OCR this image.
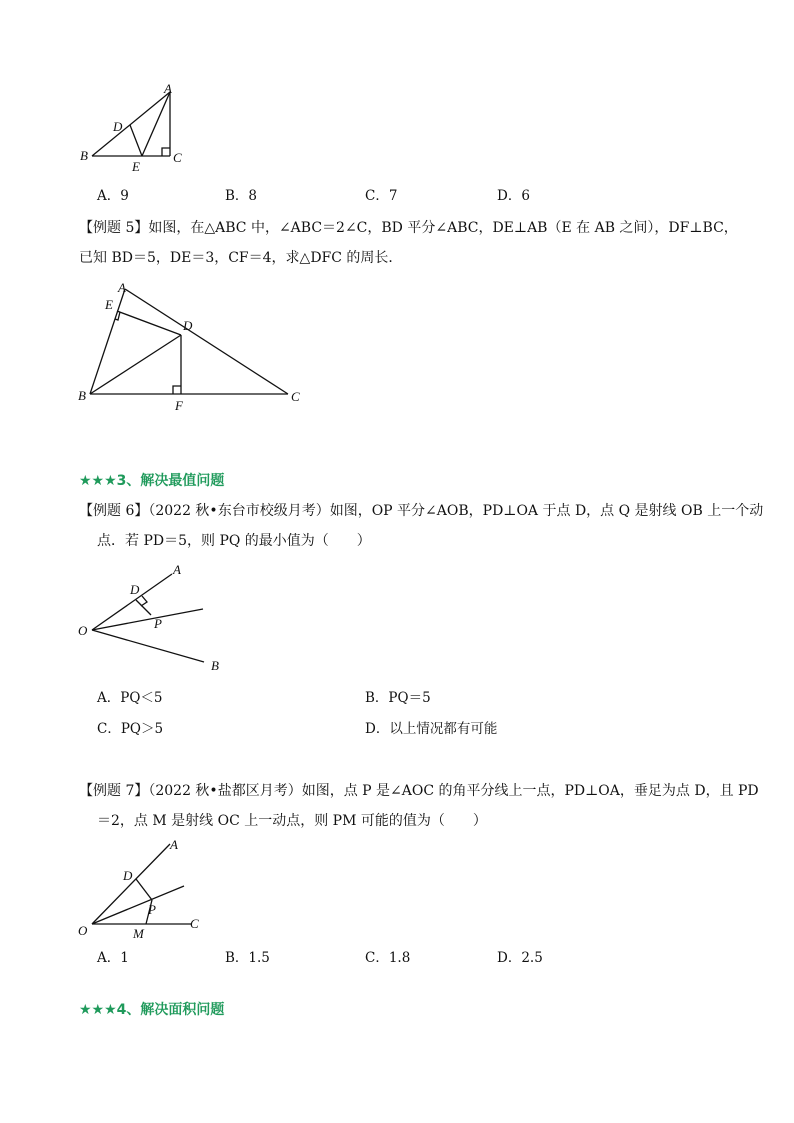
A
B	C
D
E
A．9	B．8	C．7	D．6
【例题 5】如图，在△ABC 中，∠ABC＝2∠C，BD 平分∠ABC，DE⊥AB（E 在 AB 之间），DF⊥BC，
已知 BD＝5，DE＝3，CF＝4，求△DFC 的周长．
A
B	C
D
E
F
★★★3、解决最值问题
【例题 6】（2022 秋•东台市校级月考）如图，OP 平分∠AOB，PD⊥OA 于点 D，点 Q 是射线 OB 上一个动
点．若 PD＝5，则 PQ 的最小值为（　　）
A
B
O
D
P
A．PQ＜5	B．PQ＝5
C．PQ＞5	D．以上情况都有可能
【例题 7】（2022 秋•盐都区月考）如图，点 P 是∠AOC 的角平分线上一点，PD⊥OA，垂足为点 D，且 PD
＝2，点 M 是射线 OC 上一动点，则 PM 可能的值为（　　）
A
C
O
D
P
M
A．1	B．1.5	C．1.8	D．2.5
★★★4、解决面积问题
